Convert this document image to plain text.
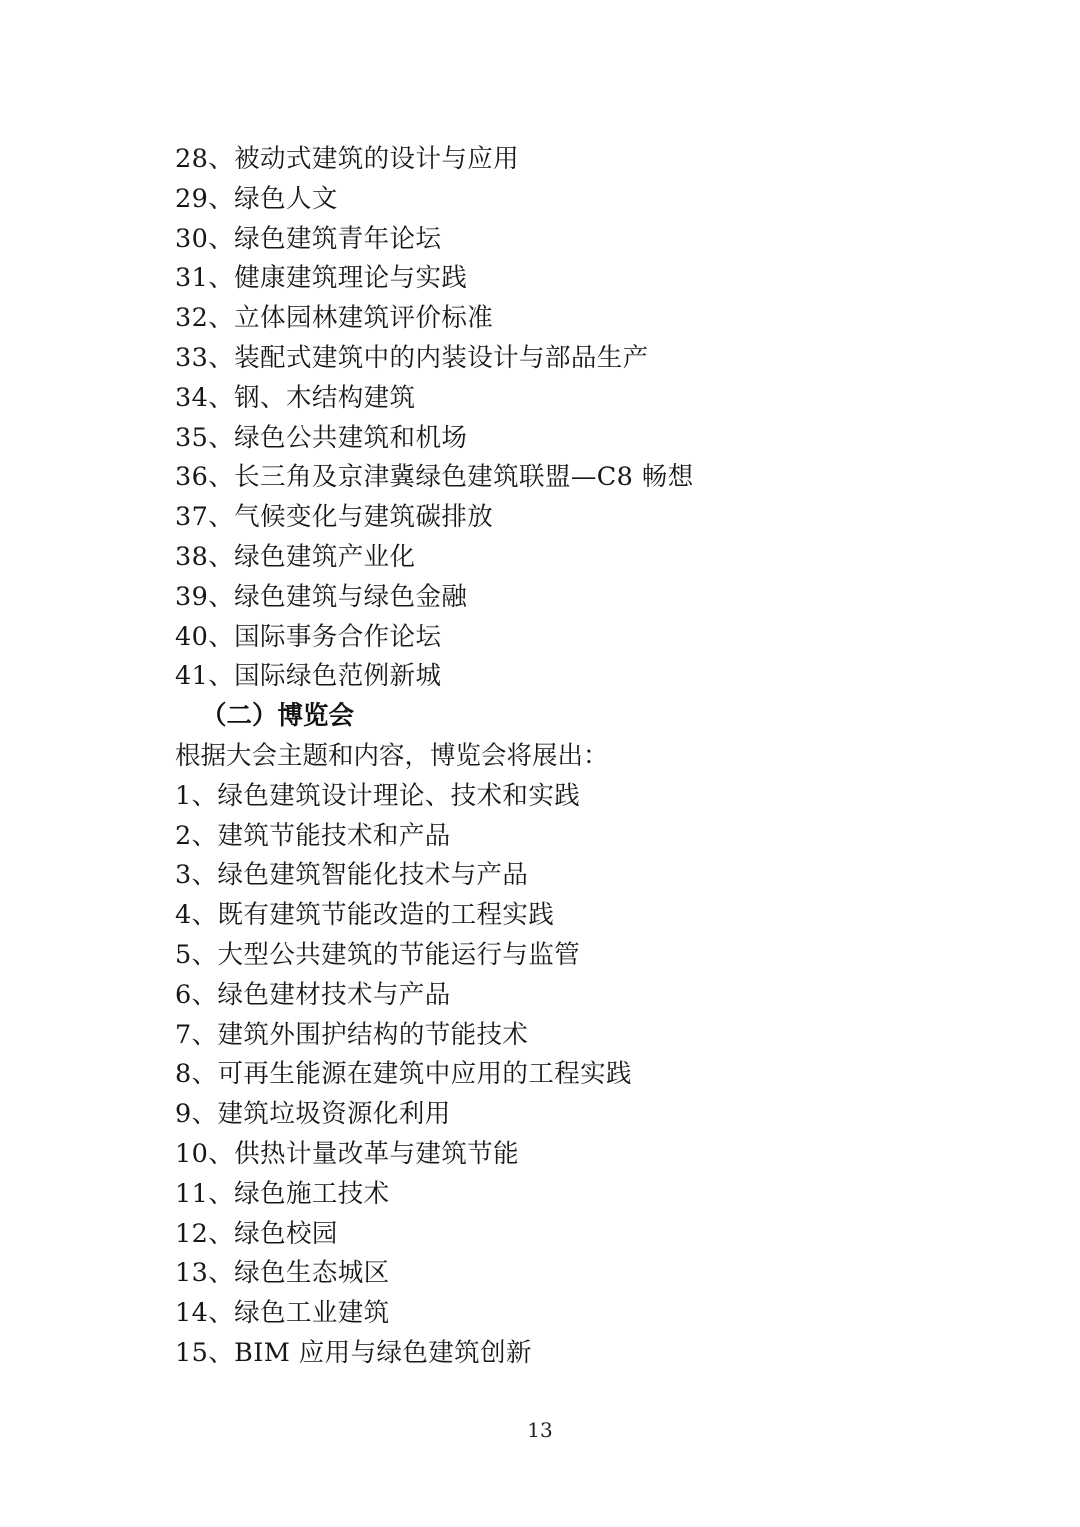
28、被动式建筑的设计与应用
29、绿色人文
30、绿色建筑青年论坛
31、健康建筑理论与实践
32、立体园林建筑评价标准
33、装配式建筑中的内装设计与部品生产
34、钢、木结构建筑
35、绿色公共建筑和机场
36、长三角及京津冀绿色建筑联盟—C8 畅想
37、气候变化与建筑碳排放
38、绿色建筑产业化
39、绿色建筑与绿色金融
40、国际事务合作论坛
41、国际绿色范例新城
（二）博览会
根据大会主题和内容，博览会将展出：
1、绿色建筑设计理论、技术和实践
2、建筑节能技术和产品
3、绿色建筑智能化技术与产品
4、既有建筑节能改造的工程实践
5、大型公共建筑的节能运行与监管
6、绿色建材技术与产品
7、建筑外围护结构的节能技术
8、可再生能源在建筑中应用的工程实践
9、建筑垃圾资源化利用
10、供热计量改革与建筑节能
11、绿色施工技术
12、绿色校园
13、绿色生态城区
14、绿色工业建筑
15、BIM 应用与绿色建筑创新
13
